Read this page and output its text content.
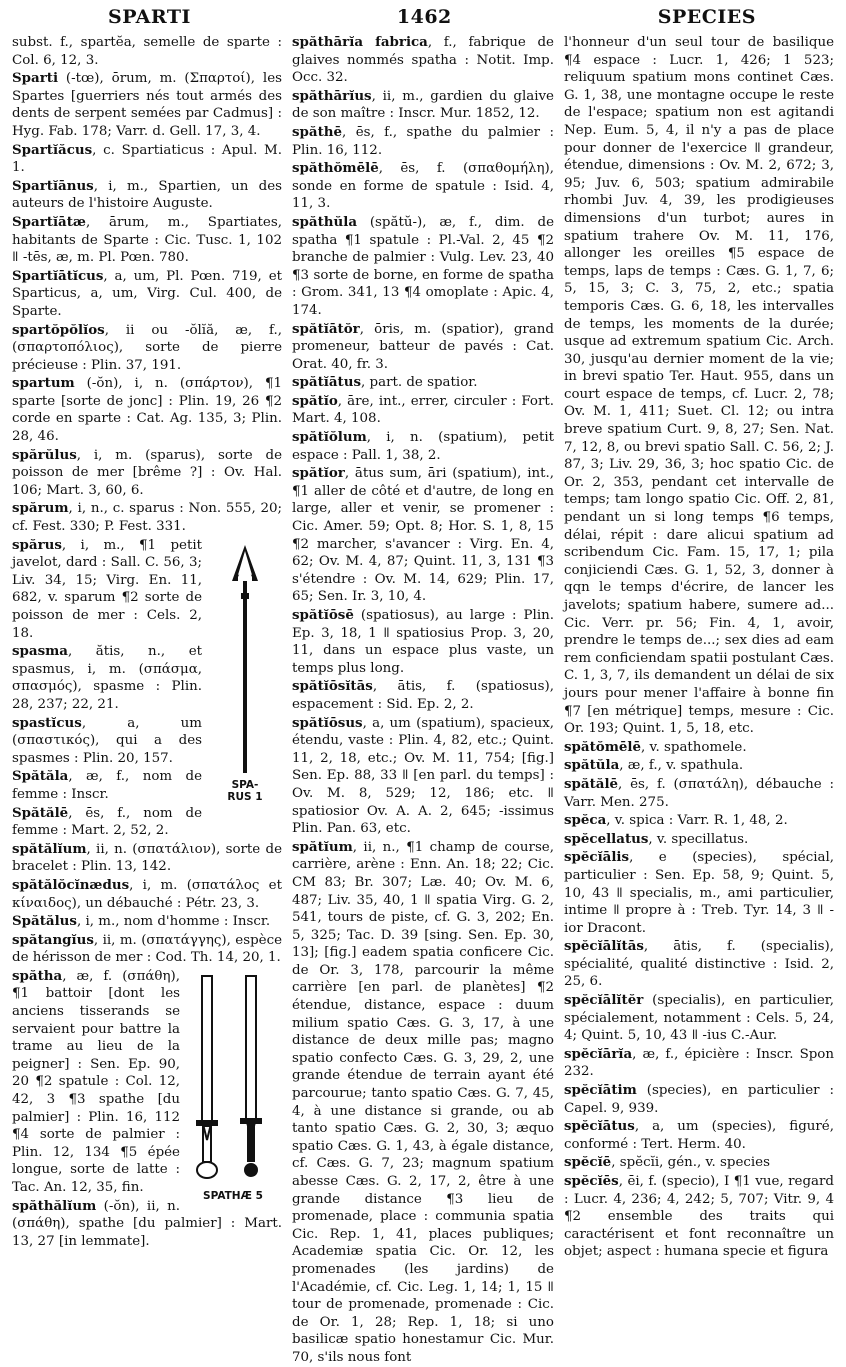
SPARTI	1462	SPECIES

subst. f., spartĕa, semelle de sparte : Col. 6, 12, 3.

Sparti (-tœ), ōrum, m. (Σπαρτοί), les Spartes [guerriers nés tout armés des dents de serpent semées par Cadmus] : Hyg. Fab. 178; Varr. d. Gell. 17, 3, 4.

Spartĭăcus, c. Spartiaticus : Apul. M. 1.

Spartĭānus, i, m., Spartien, un des auteurs de l'histoire Auguste.

Spartĭātæ, ārum, m., Spartiates, habitants de Sparte : Cic. Tusc. 1, 102 ǁ -tēs, æ, m. Pl. Pœn. 780.

Spartĭātĭcus, a, um, Pl. Pœn. 719, et Sparticus, a, um, Virg. Cul. 400, de Sparte.

spartŏpŏlĭos, ii ou -ŏlĭă, æ, f., (σπαρτοπόλιος), sorte de pierre précieuse : Plin. 37, 191.

spartum (-ŏn), i, n. (σπάρτον), ¶1 sparte [sorte de jonc] : Plin. 19, 26 ¶2 corde en sparte : Cat. Ag. 135, 3; Plin. 28, 46.

spărŭlus, i, m. (sparus), sorte de poisson de mer [brême ?] : Ov. Hal. 106; Mart. 3, 60, 6.

spărum, i, n., c. sparus : Non. 555, 20; cf. Fest. 330; P. Fest. 331.

SPA-
RUS 1

spărus, i, m., ¶1 petit javelot, dard : Sall. C. 56, 3; Liv. 34, 15; Virg. En. 11, 682, v. sparum ¶2 sorte de poisson de mer : Cels. 2, 18.

spasma, ătis, n., et spasmus, i, m. (σπάσμα, σπασμός), spasme : Plin. 28, 237; 22, 21.

spastĭcus, a, um (σπαστικός), qui a des spasmes : Plin. 20, 157.

Spătăla, æ, f., nom de femme : Inscr.

Spătălē, ēs, f., nom de femme : Mart. 2, 52, 2.

spătălĭum, ii, n. (σπατάλιον), sorte de bracelet : Plin. 13, 142.

spătălŏcĭnædus, i, m. (σπατάλος et κίναιδος), un débauché : Pétr. 23, 3.

Spătălus, i, m., nom d'homme : Inscr.

spătangĭus, ii, m. (σπατάγγης), espèce de hérisson de mer : Cod. Th. 14, 20, 1.

SPATHÆ 5

spătha, æ, f. (σπάθη), ¶1 battoir [dont les anciens tisserands se servaient pour battre la trame au lieu de la peigner] : Sen. Ep. 90, 20 ¶2 spatule : Col. 12, 42, 3 ¶3 spathe [du palmier] : Plin. 16, 112 ¶4 sorte de palmier : Plin. 12, 134 ¶5 épée longue, sorte de latte : Tac. An. 12, 35, fin.

spăthălĭum (-ŏn), ii, n. (σπάθη), spathe [du palmier] : Mart. 13, 27 [in lemmate].

spăthārĭa fabrica, f., fabrique de glaives nommés spatha : Notit. Imp. Occ. 32.

spăthārĭus, ii, m., gardien du glaive de son maître : Inscr. Mur. 1852, 12.

spăthē, ēs, f., spathe du palmier : Plin. 16, 112.

spăthŏmēlē, ēs, f. (σπαθομήλη), sonde en forme de spatule : Isid. 4, 11, 3.

spăthŭla (spătŭ-), æ, f., dim. de spatha ¶1 spatule : Pl.-Val. 2, 45 ¶2 branche de palmier : Vulg. Lev. 23, 40 ¶3 sorte de borne, en forme de spatha : Grom. 341, 13 ¶4 omoplate : Apic. 4, 174.

spătĭātŏr, ōris, m. (spatior), grand promeneur, batteur de pavés : Cat. Orat. 40, fr. 3.

spătĭātus, part. de spatior.

spătĭo, āre, int., errer, circuler : Fort. Mart. 4, 108.

spătĭŏlum, i, n. (spatium), petit espace : Pall. 1, 38, 2.

spătĭor, ātus sum, āri (spatium), int., ¶1 aller de côté et d'autre, de long en large, aller et venir, se promener : Cic. Amer. 59; Opt. 8; Hor. S. 1, 8, 15 ¶2 marcher, s'avancer : Virg. En. 4, 62; Ov. M. 4, 87; Quint. 11, 3, 131 ¶3 s'étendre : Ov. M. 14, 629; Plin. 17, 65; Sen. Ir. 3, 10, 4.

spătĭōsē (spatiosus), au large : Plin. Ep. 3, 18, 1 ǁ spatiosius Prop. 3, 20, 11, dans un espace plus vaste, un temps plus long.

spătĭōsĭtās, ātis, f. (spatiosus), espacement : Sid. Ep. 2, 2.

spătĭōsus, a, um (spatium), spacieux, étendu, vaste : Plin. 4, 82, etc.; Quint. 11, 2, 18, etc.; Ov. M. 11, 754; [fig.] Sen. Ep. 88, 33 ǁ [en parl. du temps] : Ov. M. 8, 529; 12, 186; etc. ǁ spatiosior Ov. A. A. 2, 645; -issimus Plin. Pan. 63, etc.

spătĭum, ii, n., ¶1 champ de course, carrière, arène : Enn. An. 18; 22; Cic. CM 83; Br. 307; Læ. 40; Ov. M. 6, 487; Liv. 35, 40, 1 ǁ spatia Virg. G. 2, 541, tours de piste, cf. G. 3, 202; En. 5, 325; Tac. D. 39 [sing. Sen. Ep. 30, 13]; [fig.] eadem spatia conficere Cic. de Or. 3, 178, parcourir la même carrière [en parl. de planètes] ¶2 étendue, distance, espace : duum milium spatio Cæs. G. 3, 17, à une distance de deux mille pas; magno spatio confecto Cæs. G. 3, 29, 2, une grande étendue de terrain ayant été parcourue; tanto spatio Cæs. G. 7, 45, 4, à une distance si grande, ou ab tanto spatio Cæs. G. 2, 30, 3; æquo spatio Cæs. G. 1, 43, à égale distance, cf. Cæs. G. 7, 23; magnum spatium abesse Cæs. G. 2, 17, 2, être à une grande distance ¶3 lieu de promenade, place : communia spatia Cic. Rep. 1, 41, places publiques; Academiæ spatia Cic. Or. 12, les promenades (les jardins) de l'Académie, cf. Cic. Leg. 1, 14; 1, 15 ǁ tour de promenade, promenade : Cic. de Or. 1, 28; Rep. 1, 18; si uno basilicæ spatio honestamur Cic. Mur. 70, s'ils nous font

l'honneur d'un seul tour de basilique ¶4 espace : Lucr. 1, 426; 1 523; reliquum spatium mons continet Cæs. G. 1, 38, une montagne occupe le reste de l'espace; spatium non est agitandi Nep. Eum. 5, 4, il n'y a pas de place pour donner de l'exercice ǁ grandeur, étendue, dimensions : Ov. M. 2, 672; 3, 95; Juv. 6, 503; spatium admirabile rhombi Juv. 4, 39, les prodigieuses dimensions d'un turbot; aures in spatium trahere Ov. M. 11, 176, allonger les oreilles ¶5 espace de temps, laps de temps : Cæs. G. 1, 7, 6; 5, 15, 3; C. 3, 75, 2, etc.; spatia temporis Cæs. G. 6, 18, les intervalles de temps, les moments de la durée; usque ad extremum spatium Cic. Arch. 30, jusqu'au dernier moment de la vie; in brevi spatio Ter. Haut. 955, dans un court espace de temps, cf. Lucr. 2, 78; Ov. M. 1, 411; Suet. Cl. 12; ou intra breve spatium Curt. 9, 8, 27; Sen. Nat. 7, 12, 8, ou brevi spatio Sall. C. 56, 2; J. 87, 3; Liv. 29, 36, 3; hoc spatio Cic. de Or. 2, 353, pendant cet intervalle de temps; tam longo spatio Cic. Off. 2, 81, pendant un si long temps ¶6 temps, délai, répit : dare alicui spatium ad scribendum Cic. Fam. 15, 17, 1; pila conjiciendi Cæs. G. 1, 52, 3, donner à qqn le temps d'écrire, de lancer les javelots; spatium habere, sumere ad... Cic. Verr. pr. 56; Fin. 4, 1, avoir, prendre le temps de...; sex dies ad eam rem conficiendam spatii postulant Cæs. C. 1, 3, 7, ils demandent un délai de six jours pour mener l'affaire à bonne fin ¶7 [en métrique] temps, mesure : Cic. Or. 193; Quint. 1, 5, 18, etc.

spătŏmēlē, v. spathomele.

spătŭla, æ, f., v. spathula.

spătălē, ēs, f. (σπατάλη), débauche : Varr. Men. 275.

spĕca, v. spica : Varr. R. 1, 48, 2.

spĕcellatus, v. specillatus.

spĕcĭālis, e (species), spécial, particulier : Sen. Ep. 58, 9; Quint. 5, 10, 43 ǁ specialis, m., ami particulier, intime ǁ propre à : Treb. Tyr. 14, 3 ǁ -ior Dracont.

spĕcĭālĭtās, ātis, f. (specialis), spécialité, qualité distinctive : Isid. 2, 25, 6.

spĕcĭālĭtĕr (specialis), en particulier, spécialement, notamment : Cels. 5, 24, 4; Quint. 5, 10, 43 ǁ -ius C.-Aur.

spĕcĭārĭa, æ, f., épicière : Inscr. Spon 232.

spĕcĭātim (species), en particulier : Capel. 9, 939.

spĕcĭātus, a, um (species), figuré, conformé : Tert. Herm. 40.

spĕcĭē, spĕcĭi, gén., v. species

spĕcĭēs, ēi, f. (specio), I ¶1 vue, regard : Lucr. 4, 236; 4, 242; 5, 707; Vitr. 9, 4 ¶2 ensemble des traits qui caractérisent et font reconnaître un objet; aspect : humana specie et figura
